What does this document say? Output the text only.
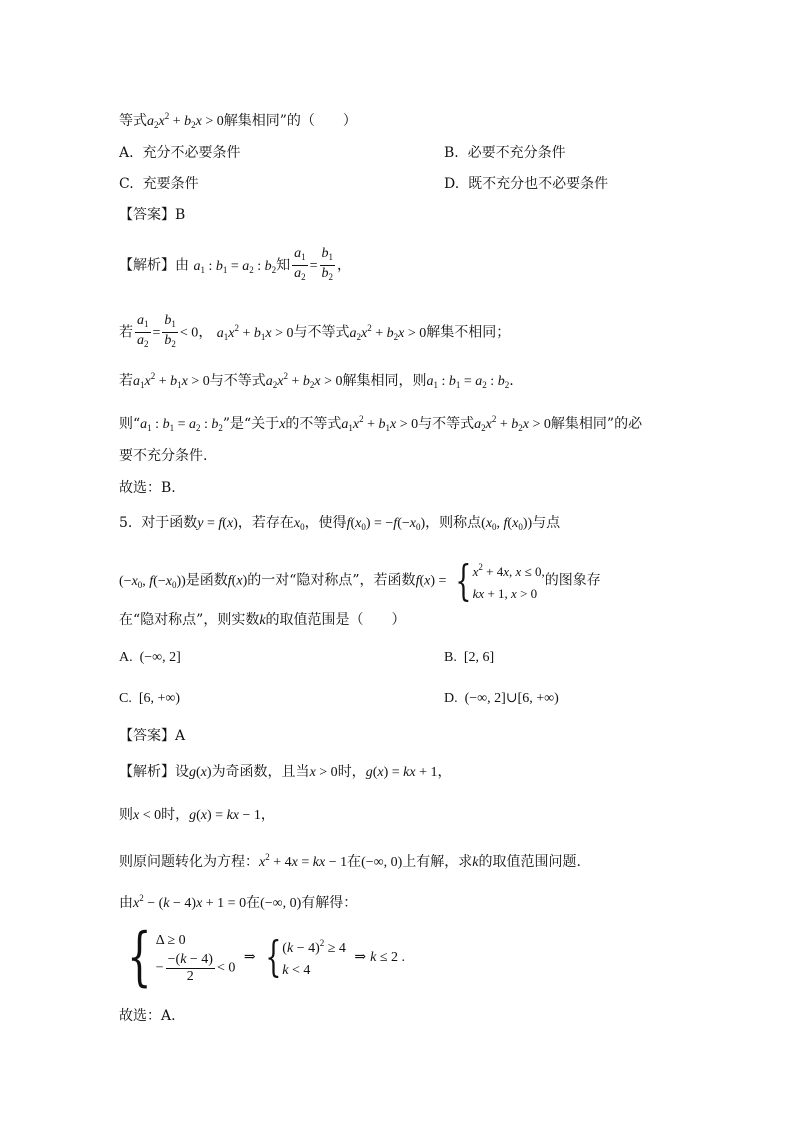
等式$a_2x^2 + b_2x > 0$解集相同”的（　　）
A. 充分不必要条件	B. 必要不充分条件
C. 充要条件	D. 既不充分也不必要条件
【答案】B
【解析】由 $a_1$ : $b_1 = a_2$ : $b_2$知 $\frac{a_1}{a_2} = \frac{b_1}{b_2}$ ，
若 $\frac{a_1}{a_2} = \frac{b_1}{b_2} < 0$， $a_1x^2 + b_1x > 0$与不等式$a_2x^2 + b_2x > 0$解集不相同；
若$a_1x^2 + b_1x > 0$与不等式$a_2x^2 + b_2x > 0$解集相同，则$a_1$ : $b_1 = a_2$ : $b_2$.
则“$a_1$ : $b_1 = a_2$ : $b_2$”是“关于x的不等式$a_1x^2 + b_1x > 0$与不等式$a_2x^2 + b_2x > 0$解集相同”的必
要不充分条件.
故选：B.
5. 对于函数y = f(x)，若存在$x_0$，使得$f(x_0) = -f(-x_0)$，则称点($x_0$, $f(x_0)$)与点
($-x_0$, $f(-x_0)$)是函数f(x)的一对“隐对称点”，若函数f(x) = { $x^2 + 4x$, x ≤ 0,
kx + 1, x > 0
的图象存
在“隐对称点”，则实数k的取值范围是（　　）
A. (−∞, 2]	B. [2, 6]
C. [6, +∞)	D. (−∞, 2]∪[6, +∞)
【答案】A
【解析】设g(x)为奇函数，且当x > 0时，g(x) = kx + 1，
则x < 0时，g(x) = kx − 1，
则原问题转化为方程：$x^2 + 4x$ = kx − 1在(−∞, 0)上有解，求k的取值范围问题.
由$x^2 - (k - 4)x + 1 = 0$在(−∞, 0)有解得：
{ Δ ≥ 0
− $\frac{-(k - 4)}{2} < 0$
⇒ { $(k - 4)^2 \ge 4$
k < 4
⇒ k ≤ 2 .
故选：A.
